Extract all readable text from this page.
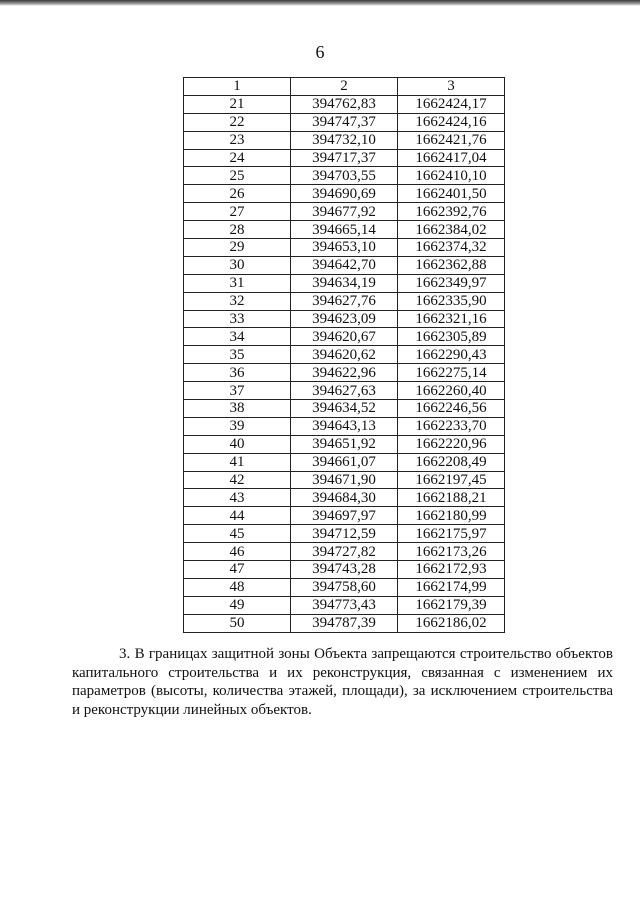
6
1	2	3
21	394762,83	1662424,17
22	394747,37	1662424,16
23	394732,10	1662421,76
24	394717,37	1662417,04
25	394703,55	1662410,10
26	394690,69	1662401,50
27	394677,92	1662392,76
28	394665,14	1662384,02
29	394653,10	1662374,32
30	394642,70	1662362,88
31	394634,19	1662349,97
32	394627,76	1662335,90
33	394623,09	1662321,16
34	394620,67	1662305,89
35	394620,62	1662290,43
36	394622,96	1662275,14
37	394627,63	1662260,40
38	394634,52	1662246,56
39	394643,13	1662233,70
40	394651,92	1662220,96
41	394661,07	1662208,49
42	394671,90	1662197,45
43	394684,30	1662188,21
44	394697,97	1662180,99
45	394712,59	1662175,97
46	394727,82	1662173,26
47	394743,28	1662172,93
48	394758,60	1662174,99
49	394773,43	1662179,39
50	394787,39	1662186,02
3. В границах защитной зоны Объекта запрещаются строительство объектов капитального строительства и их реконструкция, связанная с изменением их параметров (высоты, количества этажей, площади), за исключением строительства и реконструкции линейных объектов.
